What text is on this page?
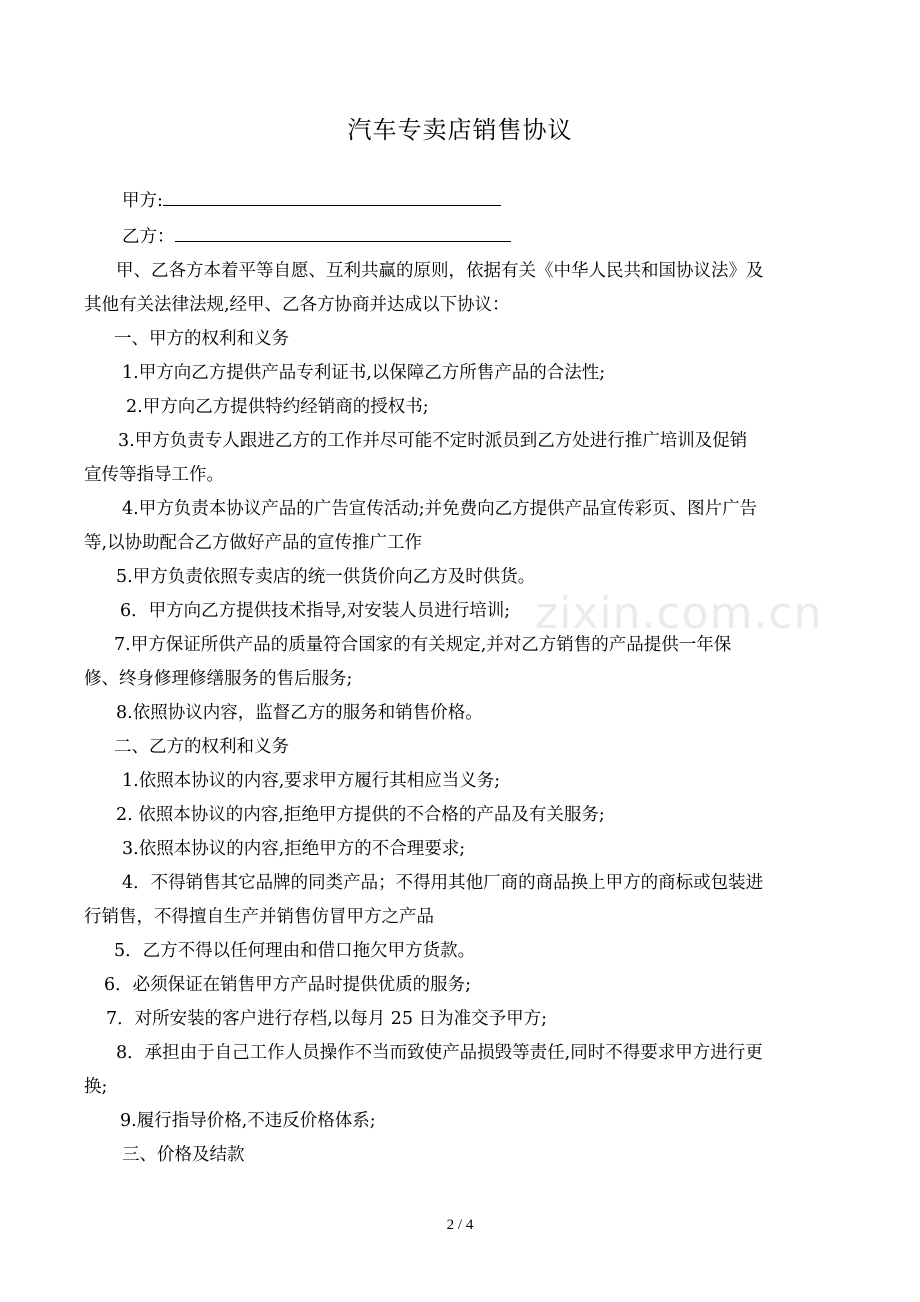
汽车专卖店销售协议
甲方:
乙方：
甲、乙各方本着平等自愿、互利共赢的原则，依据有关《中华人民共和国协议法》及
其他有关法律法规,经甲、乙各方协商并达成以下协议：
一、甲方的权利和义务
1.甲方向乙方提供产品专利证书,以保障乙方所售产品的合法性;
2.甲方向乙方提供特约经销商的授权书;
3.甲方负责专人跟进乙方的工作并尽可能不定时派员到乙方处进行推广培训及促销
宣传等指导工作。
4.甲方负责本协议产品的广告宣传活动;并免费向乙方提供产品宣传彩页、图片广告
等,以协助配合乙方做好产品的宣传推广工作
5.甲方负责依照专卖店的统一供货价向乙方及时供货。
6．甲方向乙方提供技术指导,对安装人员进行培训;
7.甲方保证所供产品的质量符合国家的有关规定,并对乙方销售的产品提供一年保
修、终身修理修缮服务的售后服务;
8.依照协议内容，监督乙方的服务和销售价格。
二、乙方的权利和义务
1.依照本协议的内容,要求甲方履行其相应当义务;
2. 依照本协议的内容,拒绝甲方提供的不合格的产品及有关服务;
3.依照本协议的内容,拒绝甲方的不合理要求;
4．不得销售其它品牌的同类产品；不得用其他厂商的商品换上甲方的商标或包装进
行销售，不得擅自生产并销售仿冒甲方之产品
5．乙方不得以任何理由和借口拖欠甲方货款。
6．必须保证在销售甲方产品时提供优质的服务;
7．对所安装的客户进行存档,以每月 25 日为准交予甲方;
8．承担由于自己工作人员操作不当而致使产品损毁等责任,同时不得要求甲方进行更
换;
9.履行指导价格,不违反价格体系;
三、价格及结款
zixin.com.cn
2 / 4
